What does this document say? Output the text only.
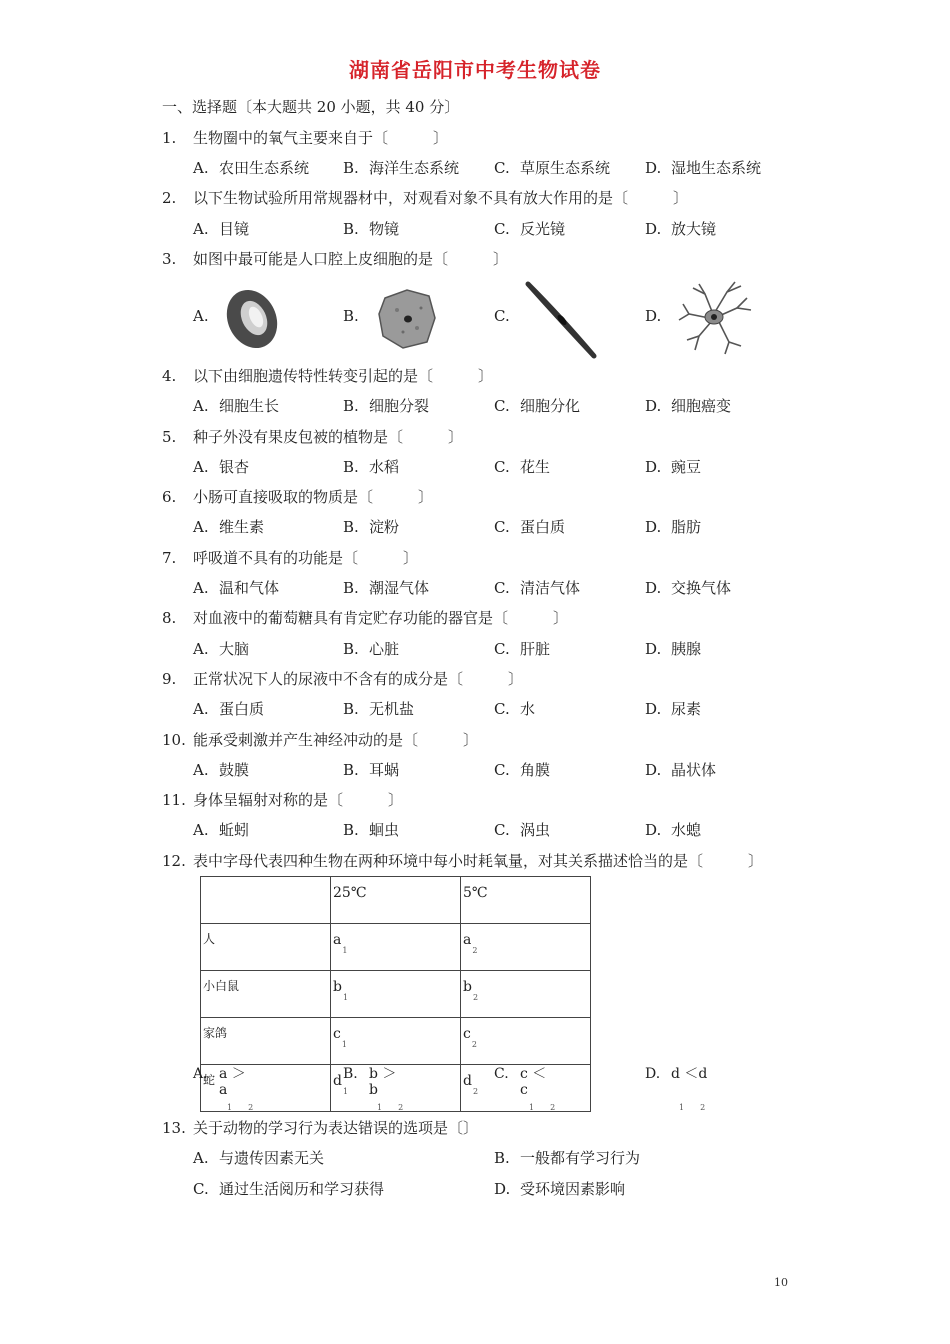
湖南省岳阳市中考生物试卷
一、选择题〔本大题共 20 小题，共 40 分〕
1. 生物圈中的氧气主要来自于〔　　　〕
A. 农田生态系统 B. 海洋生态系统 C. 草原生态系统 D. 湿地生态系统
2. 以下生物试验所用常规器材中，对观看对象不具有放大作用的是〔　　　〕
A. 目镜	B. 物镜	C. 反光镜	D. 放大镜
3. 如图中最可能是人口腔上皮细胞的是〔　　　〕
A.	B.	C.	D.
4. 以下由细胞遗传特性转变引起的是〔　　　〕
A. 细胞生长	B. 细胞分裂	C. 细胞分化	D. 细胞癌变
5. 种子外没有果皮包被的植物是〔　　　〕
A. 银杏	B. 水稻	C. 花生	D. 豌豆
6. 小肠可直接吸取的物质是〔　　　〕
A. 维生素	B. 淀粉	C. 蛋白质	D. 脂肪
7. 呼吸道不具有的功能是〔　　　〕
A. 温和气体	B. 潮湿气体	C. 清洁气体	D. 交换气体
8. 对血液中的葡萄糖具有肯定贮存功能的器官是〔　　　〕
A. 大脑	B. 心脏	C. 肝脏	D. 胰腺
9. 正常状况下人的尿液中不含有的成分是〔　　　〕
A. 蛋白质	B. 无机盐	C. 水	D. 尿素
10. 能承受刺激并产生神经冲动的是〔　　　〕
A. 鼓膜	B. 耳蜗	C. 角膜	D. 晶状体
11. 身体呈辐射对称的是〔　　　〕
A. 蚯蚓	B. 蛔虫	C. 涡虫	D. 水螅
12. 表中字母代表四种生物在两种环境中每小时耗氧量，对其关系描述恰当的是〔　　　〕
	25℃	5℃
人	$a_1$	$a_2$
小白鼠	$b_1$	$b_2$
家鸽	$c_1$	$c_2$
蛇	$d_1$	$d_2$
A. a ＞
a
1　　2
B. b ＞
b
1　　2
C. c ＜
c
1　　2
D. d ＜d
1　　2
13. 关于动物的学习行为表达错误的选项是〔〕
A. 与遗传因素无关	B. 一般都有学习行为
C. 通过生活阅历和学习获得	D. 受环境因素影响
10
